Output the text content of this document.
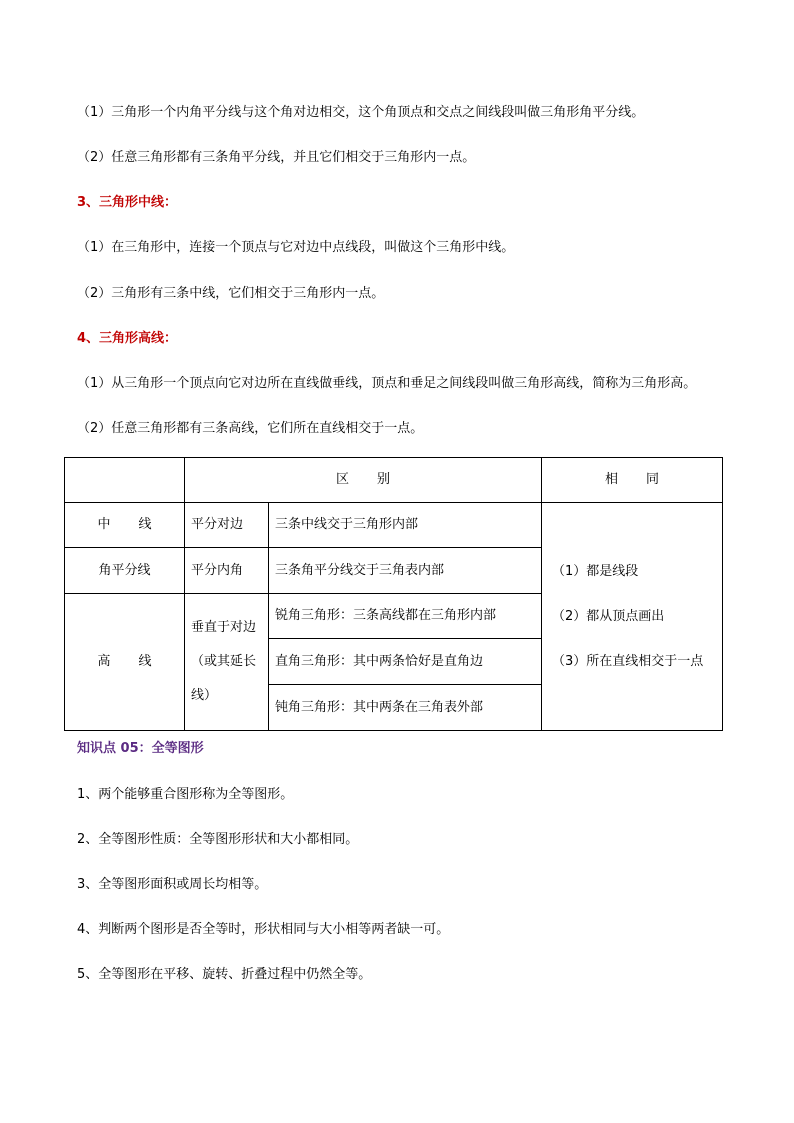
（1）三角形一个内角平分线与这个角对边相交，这个角顶点和交点之间线段叫做三角形角平分线。
（2）任意三角形都有三条角平分线，并且它们相交于三角形内一点。
3、三角形中线：
（1）在三角形中，连接一个顶点与它对边中点线段，叫做这个三角形中线。
（2）三角形有三条中线，它们相交于三角形内一点。
4、三角形高线：
（1）从三角形一个顶点向它对边所在直线做垂线，顶点和垂足之间线段叫做三角形高线，简称为三角形高。
（2）任意三角形都有三条高线，它们所在直线相交于一点。
	区别		相同
中线	平分对边	三条中线交于三角形内部	（1）都是线段
（2）都从顶点画出
（3）所在直线相交于一点

角平分线	平分内角	三条角平分线交于三角表内部	
高线	垂直于对边（或其延长线）	锐角三角形：三条高线都在三角形内部	
		直角三角形：其中两条恰好是直角边	
		钝角三角形：其中两条在三角表外部	
知识点 05：全等图形
1、两个能够重合图形称为全等图形。
2、全等图形性质：全等图形形状和大小都相同。
3、全等图形面积或周长均相等。
4、判断两个图形是否全等时，形状相同与大小相等两者缺一可。
5、全等图形在平移、旋转、折叠过程中仍然全等。
